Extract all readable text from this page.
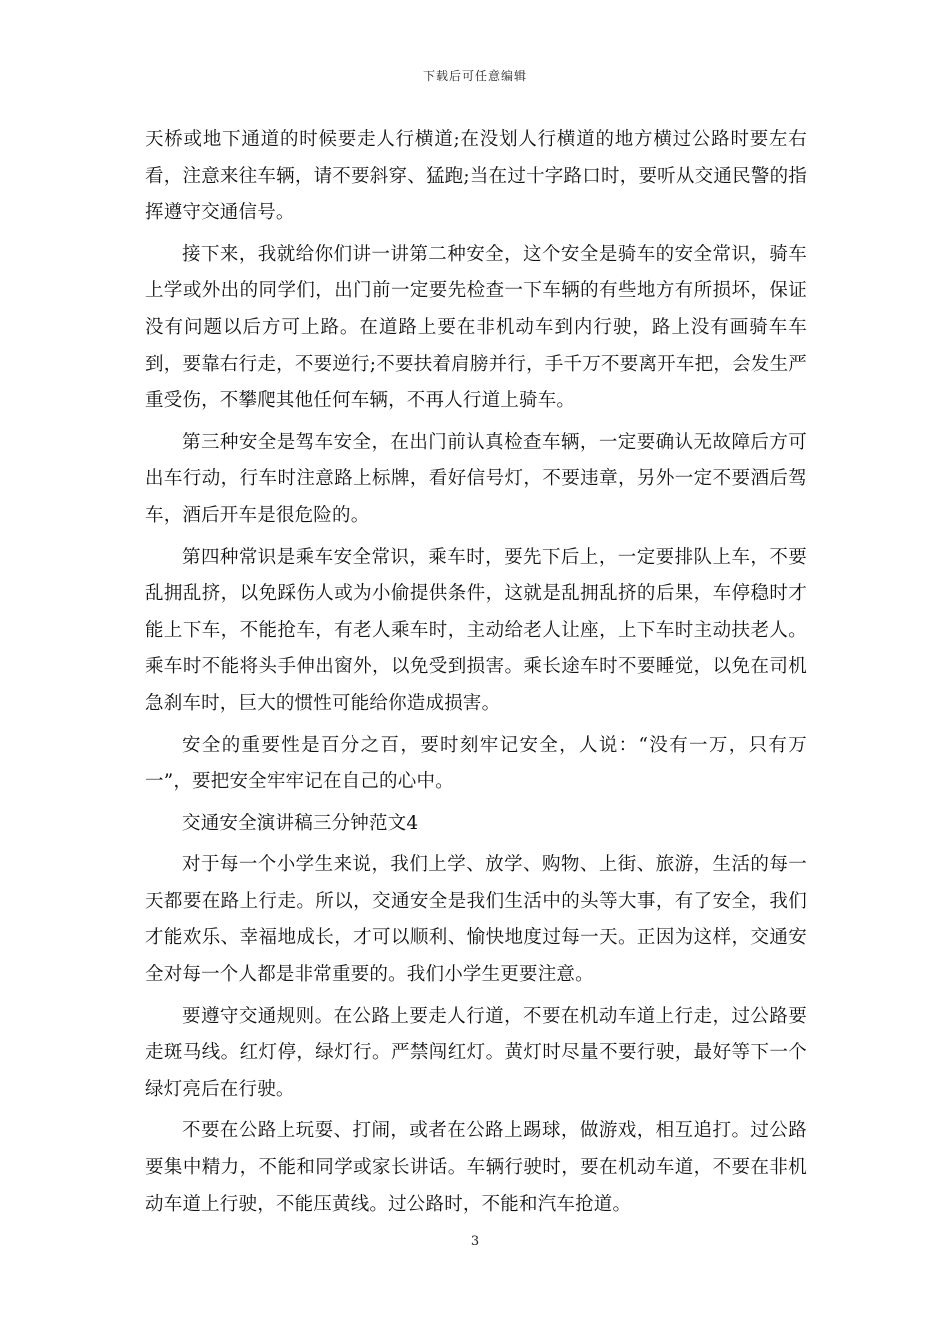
下载后可任意编辑

天桥或地下通道的时候要走人行横道;在没划人行横道的地方横过公路时要左右看，注意来往车辆，请不要斜穿、猛跑;当在过十字路口时，要听从交通民警的指挥遵守交通信号。

接下来，我就给你们讲一讲第二种安全，这个安全是骑车的安全常识，骑车上学或外出的同学们，出门前一定要先检查一下车辆的有些地方有所损坏，保证没有问题以后方可上路。在道路上要在非机动车到内行驶，路上没有画骑车车到，要靠右行走，不要逆行;不要扶着肩膀并行，手千万不要离开车把，会发生严重受伤，不攀爬其他任何车辆，不再人行道上骑车。

第三种安全是驾车安全，在出门前认真检查车辆，一定要确认无故障后方可出车行动，行车时注意路上标牌，看好信号灯，不要违章，另外一定不要酒后驾车，酒后开车是很危险的。

第四种常识是乘车安全常识，乘车时，要先下后上，一定要排队上车，不要乱拥乱挤，以免踩伤人或为小偷提供条件，这就是乱拥乱挤的后果，车停稳时才能上下车，不能抢车，有老人乘车时，主动给老人让座，上下车时主动扶老人。乘车时不能将头手伸出窗外，以免受到损害。乘长途车时不要睡觉，以免在司机急刹车时，巨大的惯性可能给你造成损害。

安全的重要性是百分之百，要时刻牢记安全，人说：“没有一万，只有万一”，要把安全牢牢记在自己的心中。

交通安全演讲稿三分钟范文4

对于每一个小学生来说，我们上学、放学、购物、上街、旅游，生活的每一天都要在路上行走。所以，交通安全是我们生活中的头等大事，有了安全，我们才能欢乐、幸福地成长，才可以顺利、愉快地度过每一天。正因为这样，交通安全对每一个人都是非常重要的。我们小学生更要注意。

要遵守交通规则。在公路上要走人行道，不要在机动车道上行走，过公路要走斑马线。红灯停，绿灯行。严禁闯红灯。黄灯时尽量不要行驶，最好等下一个绿灯亮后在行驶。

不要在公路上玩耍、打闹，或者在公路上踢球，做游戏，相互追打。过公路要集中精力，不能和同学或家长讲话。车辆行驶时，要在机动车道，不要在非机动车道上行驶，不能压黄线。过公路时，不能和汽车抢道。

3
